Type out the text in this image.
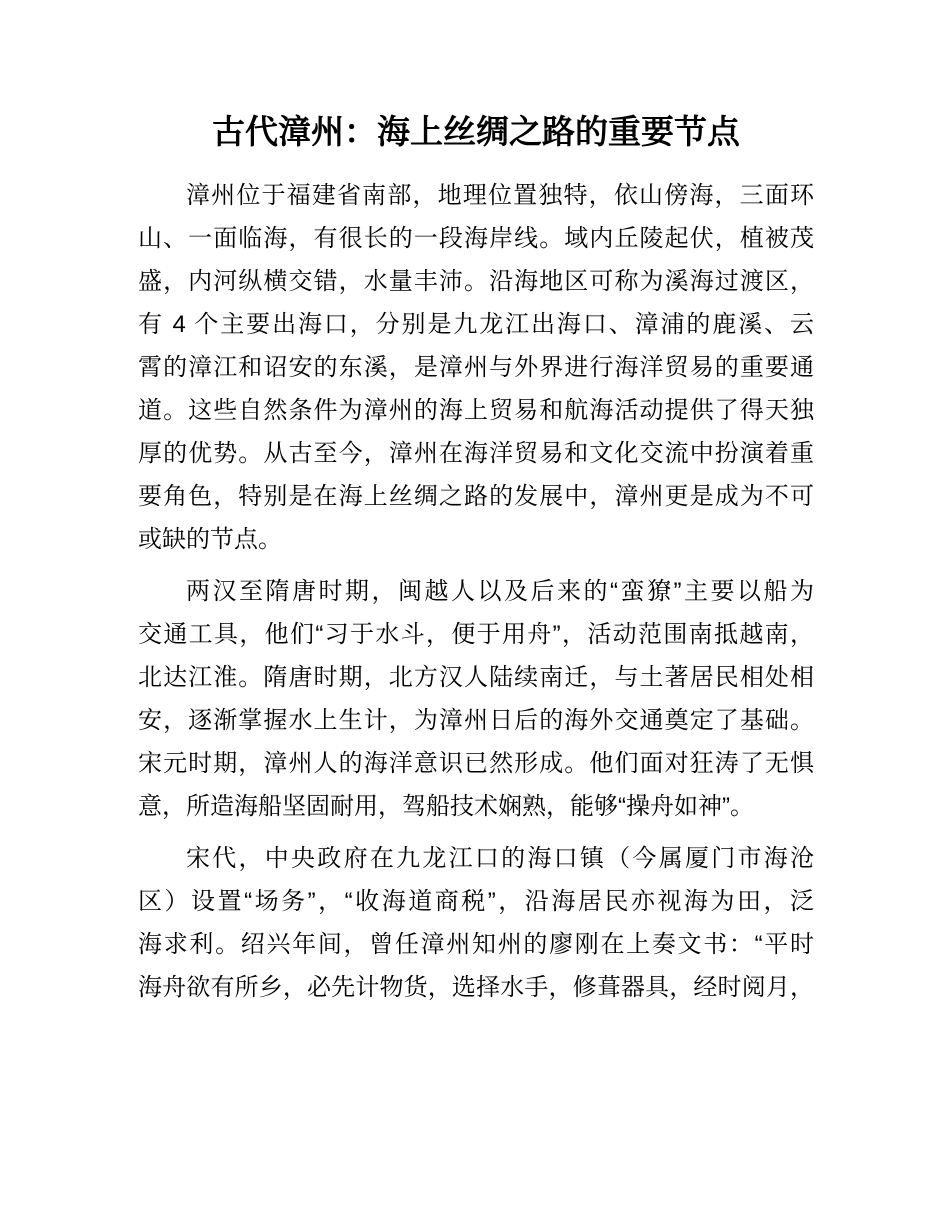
古代漳州：海上丝绸之路的重要节点

漳州位于福建省南部，地理位置独特，依山傍海，三面环
山、一面临海，有很长的一段海岸线。域内丘陵起伏，植被茂
盛，内河纵横交错，水量丰沛。沿海地区可称为溪海过渡区，
有 4 个主要出海口，分别是九龙江出海口、漳浦的鹿溪、云
霄的漳江和诏安的东溪，是漳州与外界进行海洋贸易的重要通
道。这些自然条件为漳州的海上贸易和航海活动提供了得天独
厚的优势。从古至今，漳州在海洋贸易和文化交流中扮演着重
要角色，特别是在海上丝绸之路的发展中，漳州更是成为不可
或缺的节点。

两汉至隋唐时期，闽越人以及后来的“蛮獠”主要以船为
交通工具，他们“习于水斗，便于用舟”，活动范围南抵越南，
北达江淮。隋唐时期，北方汉人陆续南迁，与土著居民相处相
安，逐渐掌握水上生计，为漳州日后的海外交通奠定了基础。
宋元时期，漳州人的海洋意识已然形成。他们面对狂涛了无惧
意，所造海船坚固耐用，驾船技术娴熟，能够“操舟如神”。

宋代，中央政府在九龙江口的海口镇（今属厦门市海沧
区）设置“场务”，“收海道商税”，沿海居民亦视海为田，泛
海求利。绍兴年间，曾任漳州知州的廖刚在上奏文书：“平时
海舟欲有所乡，必先计物货，选择水手，修葺器具，经时阅月，
